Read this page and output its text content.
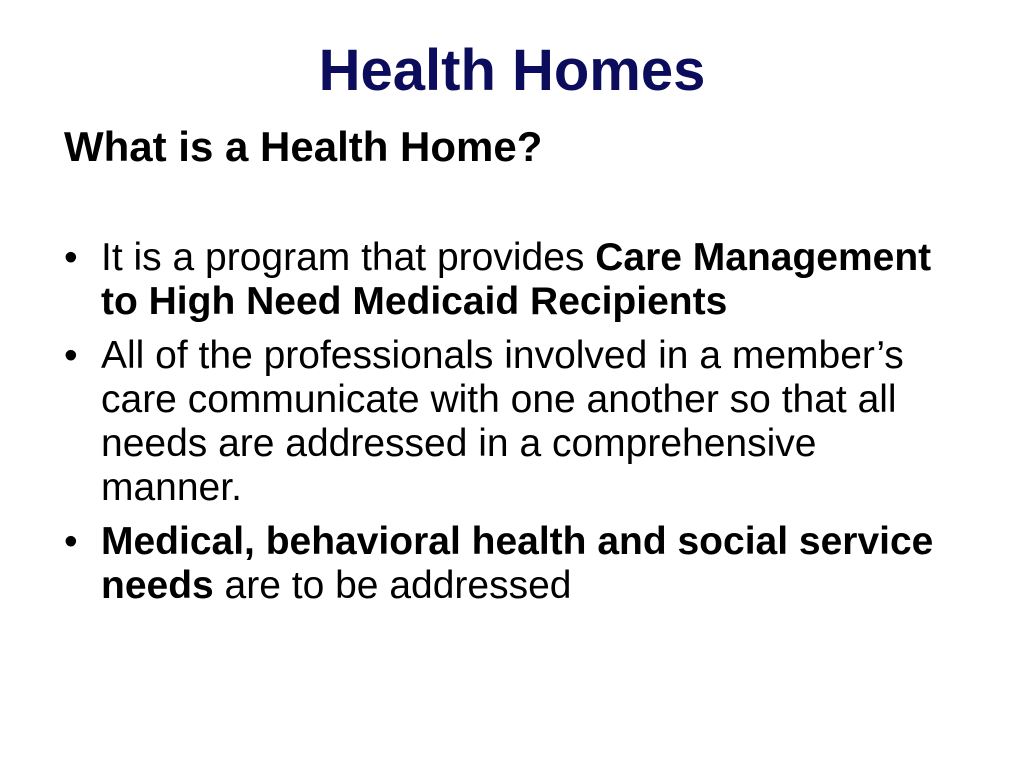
Health Homes
What is a Health Home?
• It is a program that provides Care Management to High Need Medicaid Recipients
• All of the professionals involved in a member’s care communicate with one another so that all needs are addressed in a comprehensive manner.
• Medical, behavioral health and social service needs are to be addressed
